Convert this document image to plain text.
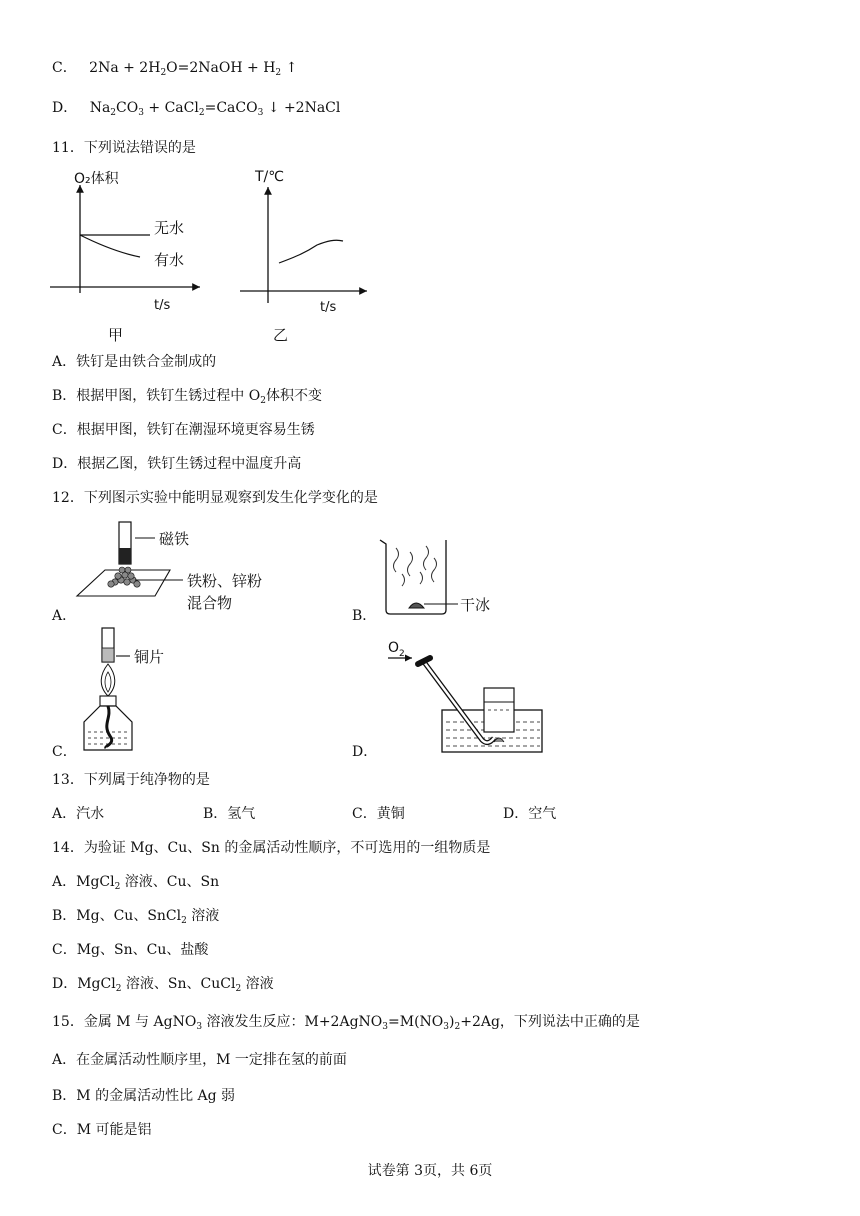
C． $2Na + 2H_2O=2NaOH + H_2$ ↑
D． $Na_2CO_3$ + CaCl$_2$=CaCO$_3$ ↓ +2NaCl
11．下列说法错误的是
O₂体积
无水
有水
t/s
甲
T/℃
t/s
乙
A．铁钉是由铁合金制成的
B．根据甲图，铁钉生锈过程中 $O_2$体积不变
C．根据甲图，铁钉在潮湿环境更容易生锈
D．根据乙图，铁钉生锈过程中温度升高
12．下列图示实验中能明显观察到发生化学变化的是
磁铁
铁粉、锌粉
混合物
A．
干冰
B．
铜片
C．
$O_2$
D．
13．下列属于纯净物的是
A．汽水	B．氢气	C．黄铜	D．空气
14．为验证 Mg、Cu、Sn 的金属活动性顺序，不可选用的一组物质是
A．MgCl$_2$ 溶液、Cu、Sn
B．Mg、Cu、SnCl$_2$ 溶液
C．Mg、Sn、Cu、盐酸
D．MgCl$_2$ 溶液、Sn、CuCl$_2$ 溶液
15．金属 M 与 AgNO$_3$ 溶液发生反应：$M+2AgNO_3=M(NO_3)_2+2Ag$，下列说法中正确的是
A．在金属活动性顺序里，M 一定排在氢的前面
B．M 的金属活动性比 Ag 弱
C．M 可能是铝
试卷第 3页，共 6页
